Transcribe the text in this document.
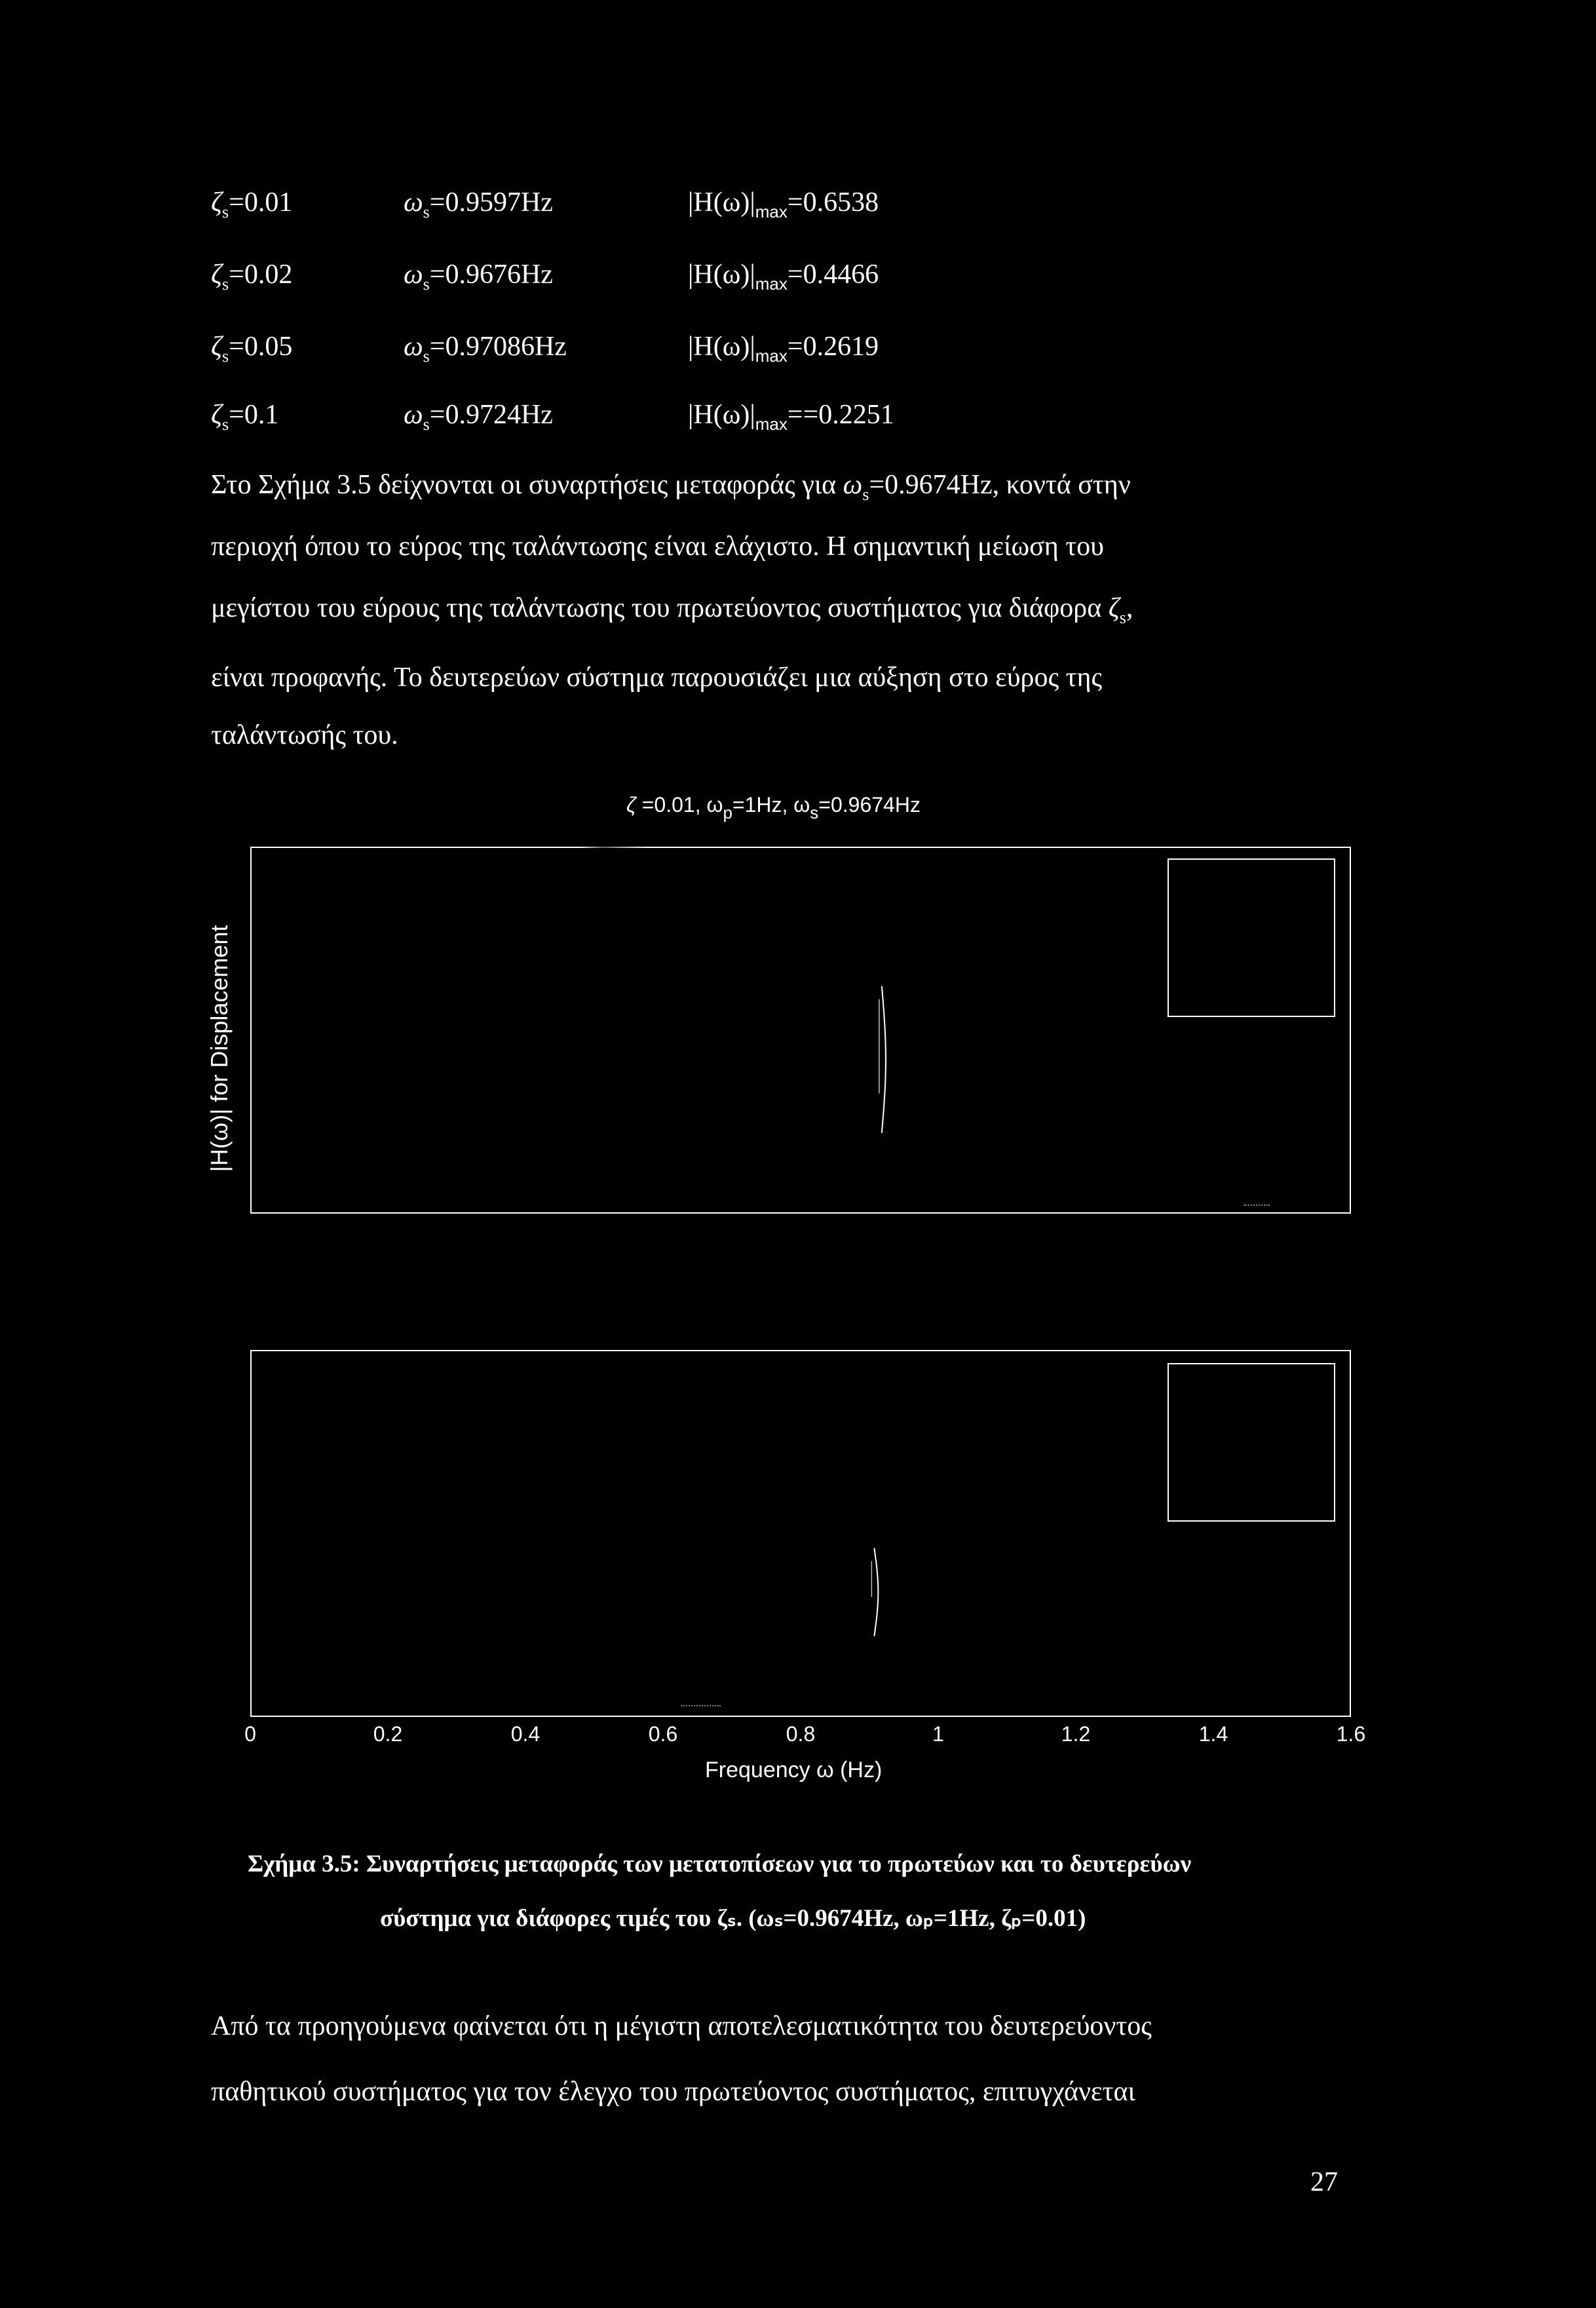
$\zeta_s=0.01$	$\omega_s=0.9597Hz$	$|H(\omega)|_{max}=0.6538$
$\zeta_s=0.02$	$\omega_s=0.9676Hz$	$|H(\omega)|_{max}=0.4466$
$\zeta_s=0.05$	$\omega_s=0.97086Hz$	$|H(\omega)|_{max}=0.2619$
$\zeta_s=0.1$	$\omega_s=0.9724Hz$	$|H(\omega)|_{max}==0.2251$
Στο Σχήμα 3.5 δείχνονται οι συναρτήσεις μεταφοράς για $\omega_s=0.9674Hz$, κοντά στην
περιοχή όπου το εύρος της ταλάντωσης είναι ελάχιστο. Η σημαντική μείωση του
μεγίστου του εύρους της ταλάντωσης του πρωτεύοντος συστήματος για διάφορα $\zeta_s$,
είναι προφανής. Το δευτερεύων σύστημα παρουσιάζει μια αύξηση στο εύρος της
ταλάντωσής του.
ζ =0.01, $\omega_p=1Hz$, $\omega_s=0.9674Hz$
|H(ω)| for Displacement
0	0.2	0.4	0.6	0.8	1	1.2	1.4	1.6
Frequency ω (Hz)
Σχήμα 3.5: Συναρτήσεις μεταφοράς των μετατοπίσεων για το πρωτεύων και το δευτερεύων
σύστημα για διάφορες τιμές του ζₛ. (ωₛ=0.9674Hz, ωₚ=1Hz, ζₚ=0.01)
Από τα προηγούμενα φαίνεται ότι η μέγιστη αποτελεσματικότητα του δευτερεύοντος
παθητικού συστήματος για τον έλεγχο του πρωτεύοντος συστήματος, επιτυγχάνεται
27
